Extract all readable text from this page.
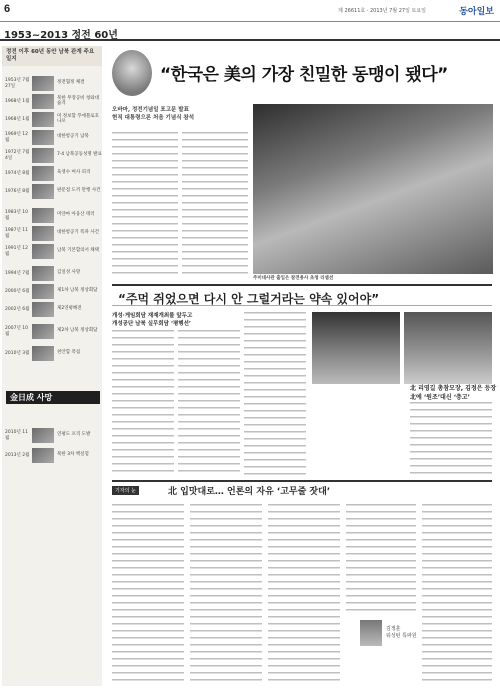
6	제 26611호 · 2013년 7월 27일 토요일	동아일보
1953~2013 정전 60년
정전 이후 60년 동안 남북 관계 주요 일지
1953년 7월 27일
정전협정 체결
1968년 1월
북한 무장공비 청와대 습격
1968년 1월
미 정보함 푸에블로호 나포
1969년 12월
대한항공기 납북
1972년 7월 4일
7·4 남북공동성명 발표
1974년 8월	육영수 여사 피격
1976년 8월	판문점 도끼 만행 사건
1983년 10월
미얀마 아웅산 테러
1987년 11월
대한항공기 폭파 사건
1991년 12월
남북 기본합의서 채택
1994년 7월	김일성 사망
2000년 6월	제1차 남북 정상회담
2002년 6월	제2연평해전
2007년 10월
제2차 남북 정상회담
2010년 3월	천안함 폭침
2010년 11월
연평도 포격 도발
2013년 2월	북한 3차 핵실험
金日成 사망
“한국은 美의 가장 친밀한 동맹이 됐다”
오바마, 정전기념일 포고문 발표
현직 대통령으론 처음 기념식 참석
주미대사관 출입은 참전용사 초청 리셉션
“주먹 쥐었으면 다시 안 그럴거라는 약속 있어야”
개성·게임회담 재재개최를 앞두고
개성공단 남북 실무회담 ‘평행선’
北 리영길 총참모장, 김정은 등장
北에 ‘원조’대신 ‘충고’
기자의 눈	北 입맛대로… 언론의 자유 ‘고무줄 잣대’
김정훈
워싱턴 특파원
